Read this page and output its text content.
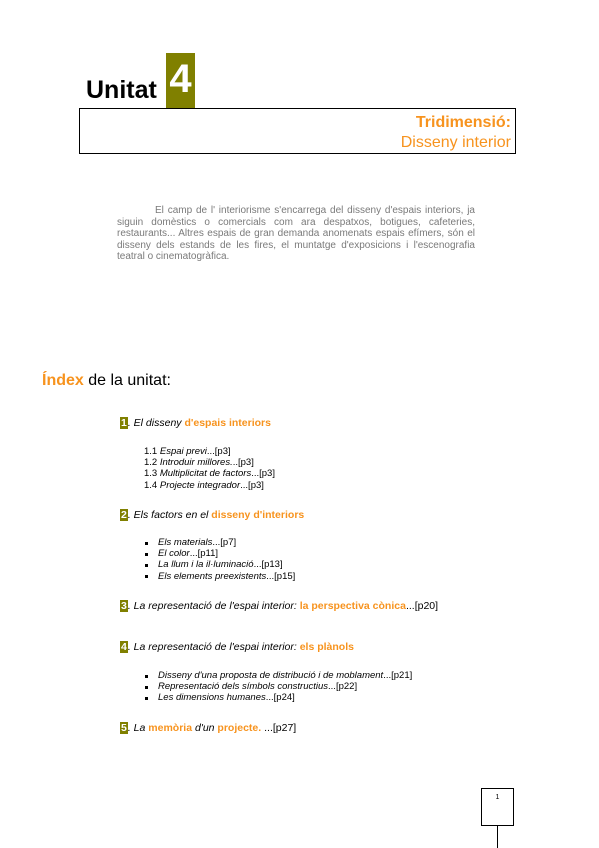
Unitat 4
Tridimensió:
Disseny interior
El camp de l' interiorisme s'encarrega del disseny d'espais interiors, ja siguin domèstics o comercials com ara despatxos, botigues, cafeteries, restaurants... Altres espais de gran demanda anomenats espais efímers, són el disseny dels estands de les fires, el muntatge d'exposicions i l'escenografia teatral o cinematogràfica.
Índex de la unitat:
1. El disseny d'espais interiors
1.1 Espai previ...[p3]
1.2 Introduir millores...[p3]
1.3 Multiplicitat de factors...[p3]
1.4 Projecte integrador...[p3]
2. Els factors en el disseny d'interiors
Els materials...[p7]
El color...[p11]
La llum i la il·luminació...[p13]
Els elements preexistents...[p15]
3. La representació de l'espai interior: la perspectiva cònica...[p20]
4. La representació de l'espai interior: els plànols
Disseny d'una proposta de distribució i de moblament...[p21]
Representació dels símbols constructius...[p22]
Les dimensions humanes...[p24]
5. La memòria d'un projecte. ...[p27]
1
